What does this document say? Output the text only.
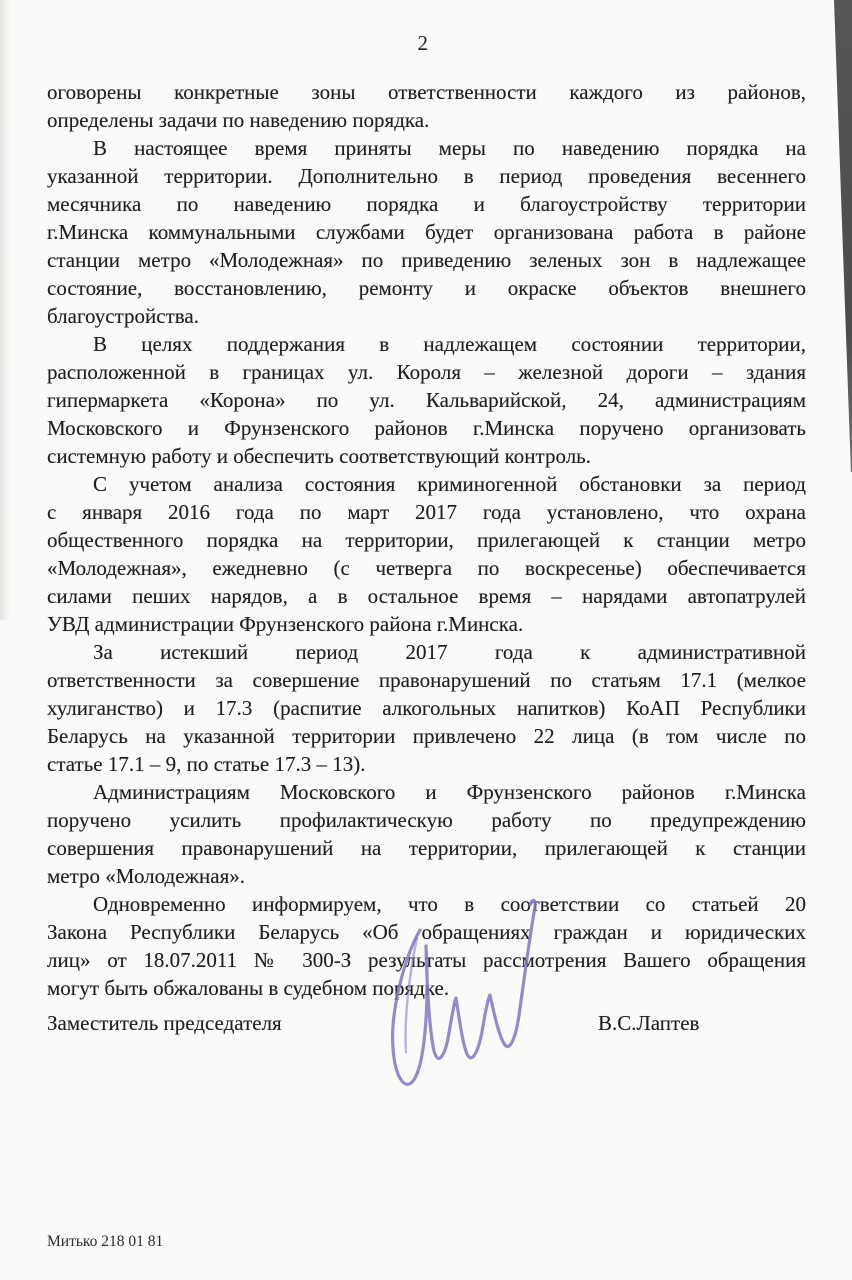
2
оговорены конкретные зоны ответственности каждого из районов,
определены задачи по наведению порядка.
В настоящее время приняты меры по наведению порядка на
указанной территории. Дополнительно в период проведения весеннего
месячника по наведению порядка и благоустройству территории
г.Минска коммунальными службами будет организована работа в районе
станции метро «Молодежная» по приведению зеленых зон в надлежащее
состояние, восстановлению, ремонту и окраске объектов внешнего
благоустройства.
В целях поддержания в надлежащем состоянии территории,
расположенной в границах ул. Короля – железной дороги – здания
гипермаркета «Корона» по ул. Кальварийской, 24, администрациям
Московского и Фрунзенского районов г.Минска поручено организовать
системную работу и обеспечить соответствующий контроль.
С учетом анализа состояния криминогенной обстановки за период
с января 2016 года по март 2017 года установлено, что охрана
общественного порядка на территории, прилегающей к станции метро
«Молодежная», ежедневно (с четверга по воскресенье) обеспечивается
силами пеших нарядов, а в остальное время – нарядами автопатрулей
УВД администрации Фрунзенского района г.Минска.
За истекший период 2017 года к административной
ответственности за совершение правонарушений по статьям 17.1 (мелкое
хулиганство) и 17.3 (распитие алкогольных напитков) КоАП Республики
Беларусь на указанной территории привлечено 22 лица (в том числе по
статье 17.1 – 9, по статье 17.3 – 13).
Администрациям Московского и Фрунзенского районов г.Минска
поручено усилить профилактическую работу по предупреждению
совершения правонарушений на территории, прилегающей к станции
метро «Молодежная».
Одновременно информируем, что в соответствии со статьей 20
Закона Республики Беларусь «Об обращениях граждан и юридических
лиц» от 18.07.2011 № 300-З результаты рассмотрения Вашего обращения
могут быть обжалованы в судебном порядке.
Заместитель председателя	В.С.Лаптев
Митько 218 01 81
